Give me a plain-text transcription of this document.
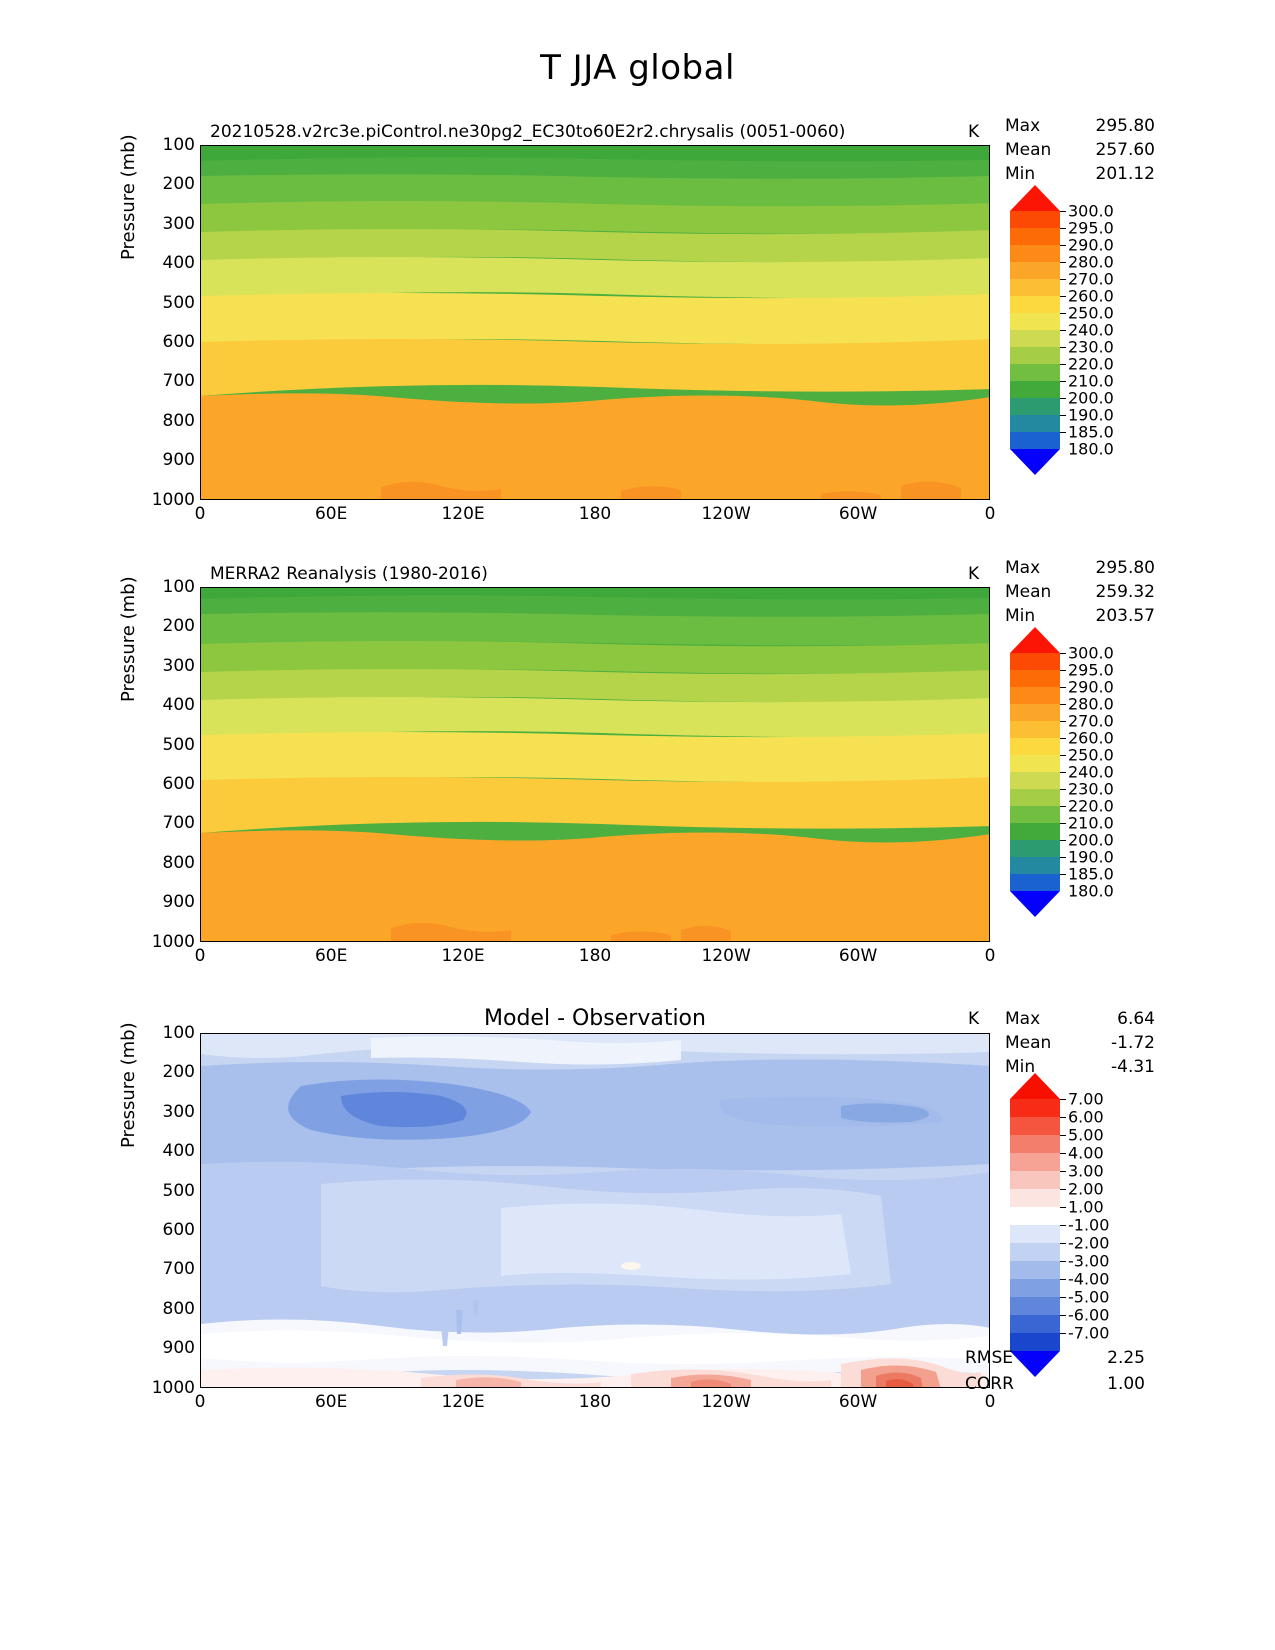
T JJA global
20210528.v2rc3e.piControl.ne30pg2_EC30to60E2r2.chrysalis (0051-0060)	K Max	295.80
Mean	257.60
Min	201.12
Pressure (mb)	100
200
300
400
500
600
700
800
900
1000
0	60E	120E	180	120W	60W	0
300.0
295.0
290.0
280.0
270.0
260.0
250.0
240.0
230.0
220.0
210.0
200.0
190.0
185.0
180.0
MERRA2 Reanalysis (1980-2016)	K Max	295.80
Mean	259.32
Min	203.57
Pressure (mb)	100
200
300
400
500
600
700
800
900
1000
0	60E	120E	180	120W	60W	0
300.0
295.0
290.0
280.0
270.0
260.0
250.0
240.0
230.0
220.0
210.0
200.0
190.0
185.0
180.0
Model - Observation	K Max	6.64
Mean	-1.72
Min	-4.31
Pressure (mb)	100
200
300
400
500
600
700
800
900
1000
0	60E	120E	180	120W	60W	0
7.00
6.00
5.00
4.00
3.00
2.00
1.00
-1.00
-2.00
-3.00
-4.00
-5.00
-6.00
-7.00
RMSE	2.25
CORR	1.00
